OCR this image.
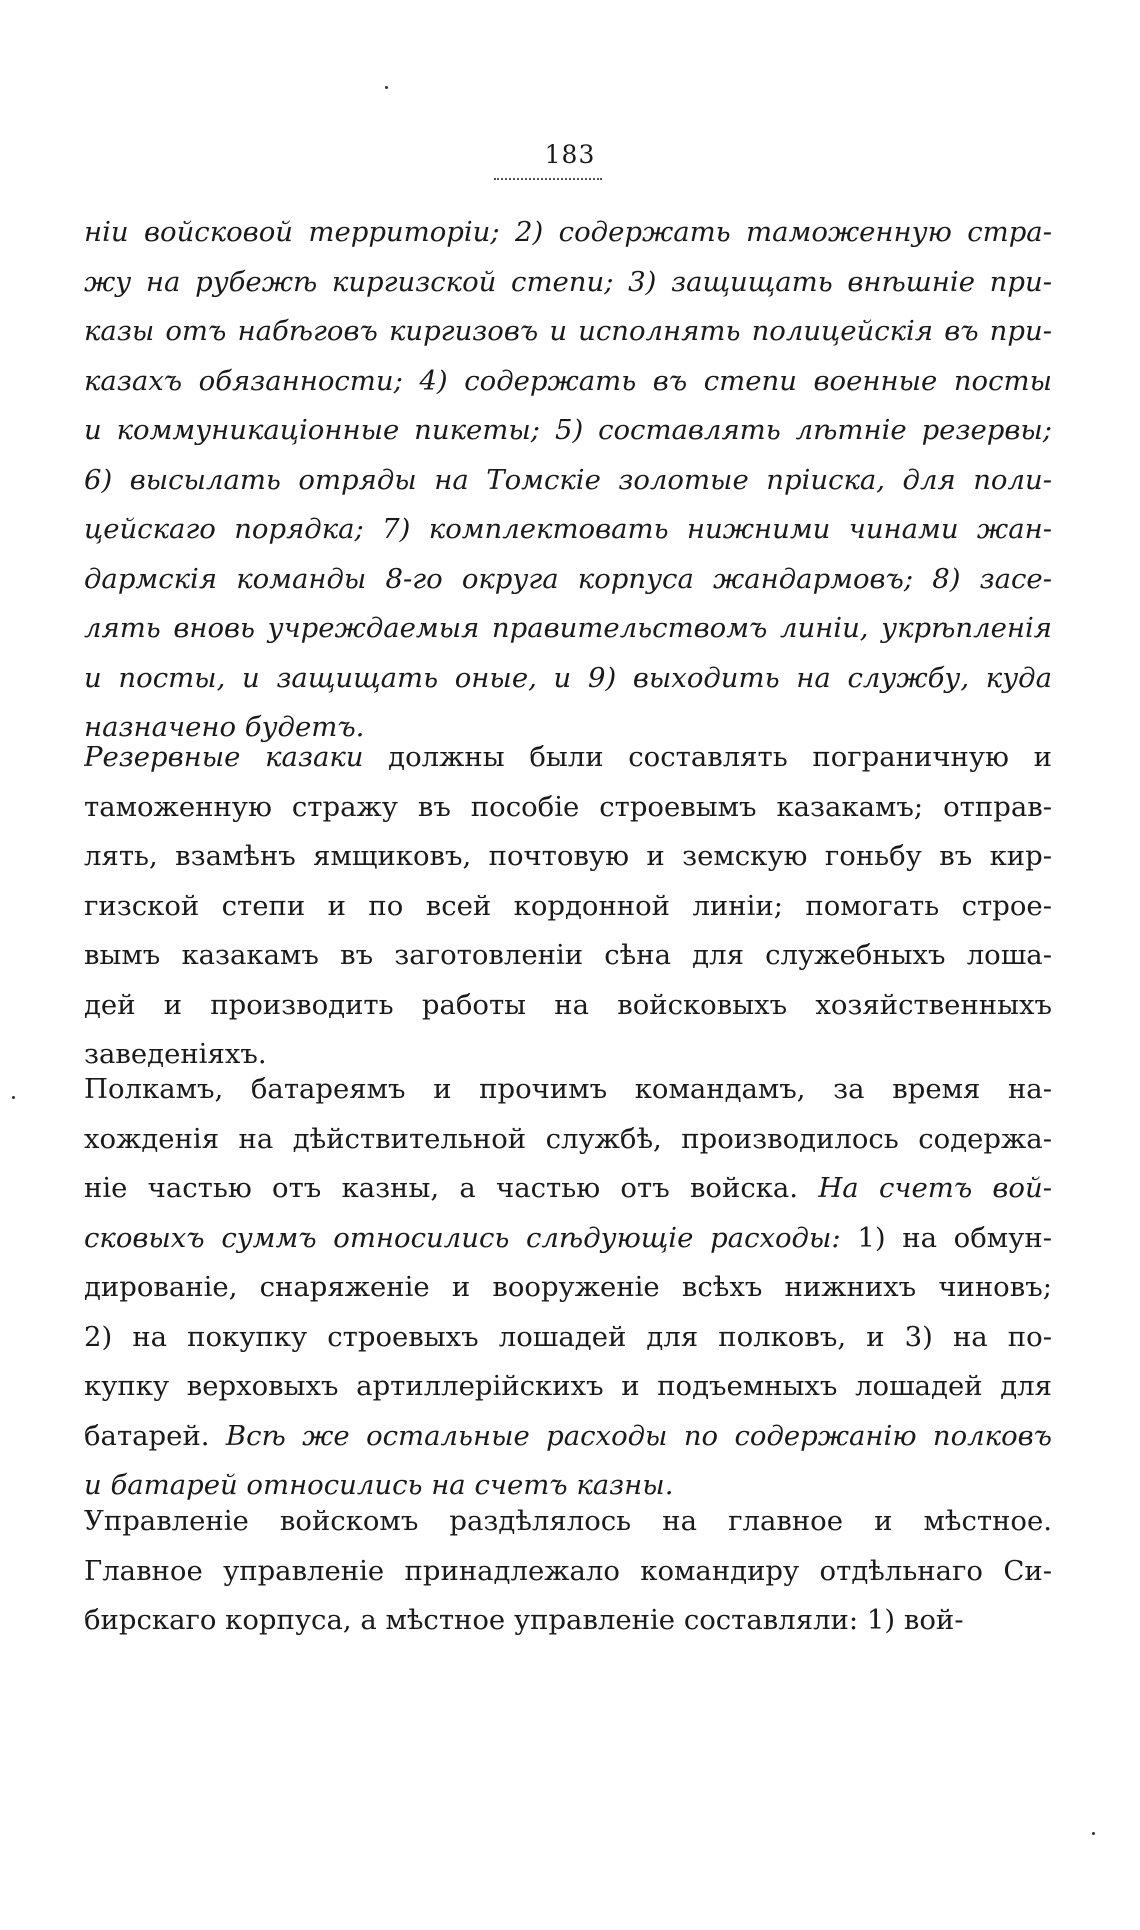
183
ніи войсковой территоріи; 2) содержать таможенную стра-
жу на рубежѣ киргизской степи; 3) защищать внѣшніе при-
казы отъ набѣговъ киргизовъ и исполнять полицейскія въ при-
казахъ обязанности; 4) содержать въ степи военные посты
и коммуникаціонные пикеты; 5) составлять лѣтніе резервы;
6) высылать отряды на Томскіе золотые пріиска, для поли-
цейскаго порядка; 7) комплектовать нижними чинами жан-
дармскія команды 8-го округа корпуса жандармовъ; 8) засе-
лять вновь учреждаемыя правительствомъ линіи, укрѣпленія
и посты, и защищать оные, и 9) выходить на службу, куда
назначено будетъ.
Резервные казаки должны были составлять пограничную и
таможенную стражу въ пособіе строевымъ казакамъ; отправ-
лять, взамѣнъ ямщиковъ, почтовую и земскую гоньбу въ кир-
гизской степи и по всей кордонной линіи; помогать строе-
вымъ казакамъ въ заготовленіи сѣна для служебныхъ лоша-
дей и производить работы на войсковыхъ хозяйственныхъ
заведеніяхъ.
Полкамъ, батареямъ и прочимъ командамъ, за время на-
хожденія на дѣйствительной службѣ, производилось содержа-
ніе частью отъ казны, а частью отъ войска. На счетъ вой-
сковыхъ суммъ относились слѣдующіе расходы: 1) на обмун-
дированіе, снаряженіе и вооруженіе всѣхъ нижнихъ чиновъ;
2) на покупку строевыхъ лошадей для полковъ, и 3) на по-
купку верховыхъ артиллерійскихъ и подъемныхъ лошадей для
батарей. Всѣ же остальные расходы по содержанію полковъ
и батарей относились на счетъ казны.
Управленіе войскомъ раздѣлялось на главное и мѣстное.
Главное управленіе принадлежало командиру отдѣльнаго Си-
бирскаго корпуса, а мѣстное управленіе составляли: 1) вой-
